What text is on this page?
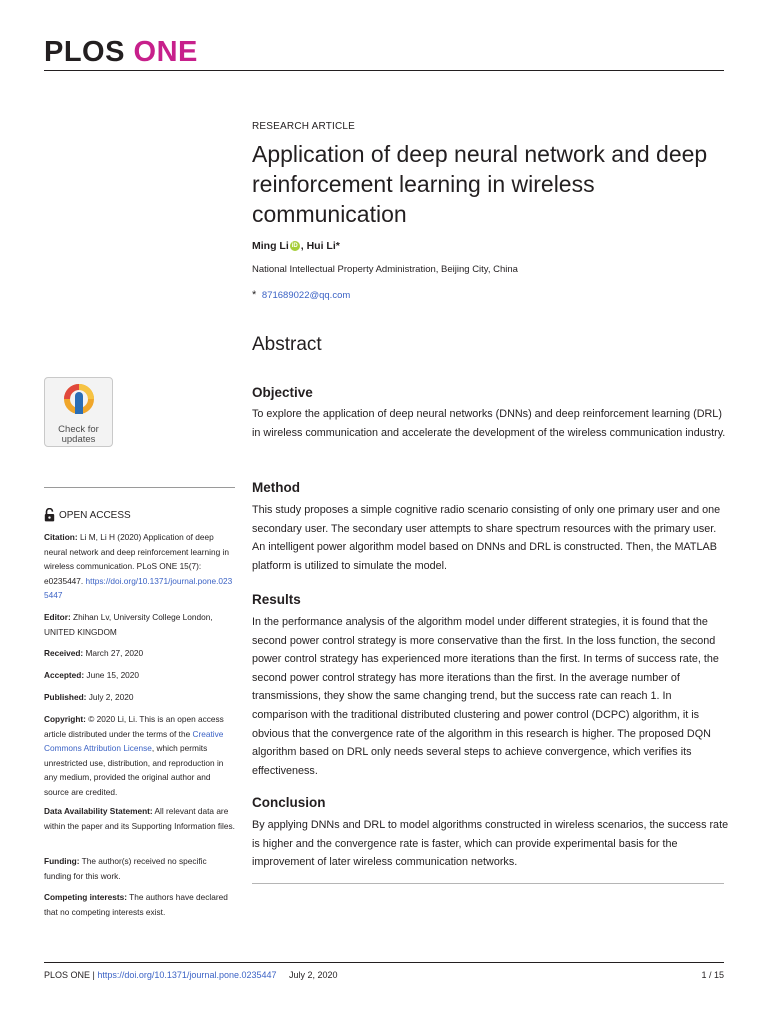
PLOS ONE
RESEARCH ARTICLE
Application of deep neural network and deep reinforcement learning in wireless communication
Ming Li iD , Hui Li *
National Intellectual Property Administration, Beijing City, China
* 871689022@qq.com
Abstract
Objective

To explore the application of deep neural networks (DNNs) and deep reinforcement learning (DRL) in wireless communication and accelerate the development of the wireless communication industry.

Method

This study proposes a simple cognitive radio scenario consisting of only one primary user and one secondary user. The secondary user attempts to share spectrum resources with the primary user. An intelligent power algorithm model based on DNNs and DRL is constructed. Then, the MATLAB platform is utilized to simulate the model.

Results

In the performance analysis of the algorithm model under different strategies, it is found that the second power control strategy is more conservative than the first. In the loss function, the second power control strategy has experienced more iterations than the first. In terms of success rate, the second power control strategy has more iterations than the first. In the average number of transmissions, they show the same changing trend, but the success rate can reach 1. In comparison with the traditional distributed clustering and power control (DCPC) algorithm, it is obvious that the convergence rate of the algorithm in this research is higher. The proposed DQN algorithm based on DRL only needs several steps to achieve convergence, which verifies its effectiveness.

Conclusion

By applying DNNs and DRL to model algorithms constructed in wireless scenarios, the success rate is higher and the convergence rate is faster, which can provide experimental basis for the improvement of later wireless communication networks.

Check for
updates
OPEN ACCESS

Citation: Li M, Li H (2020) Application of deep neural network and deep reinforcement learning in wireless communication. PLoS ONE 15(7): e0235447. https://doi.org/10.1371/journal.pone.0235447

Editor: Zhihan Lv, University College London, UNITED KINGDOM

Received: March 27, 2020

Accepted: June 15, 2020

Published: July 2, 2020

Copyright: © 2020 Li, Li. This is an open access article distributed under the terms of the Creative Commons Attribution License, which permits unrestricted use, distribution, and reproduction in any medium, provided the original author and source are credited.

Data Availability Statement: All relevant data are within the paper and its Supporting Information files.

Funding: The author(s) received no specific funding for this work.

Competing interests: The authors have declared that no competing interests exist.

PLOS ONE | https://doi.org/10.1371/journal.pone.0235447 July 2, 2020	1 / 15
